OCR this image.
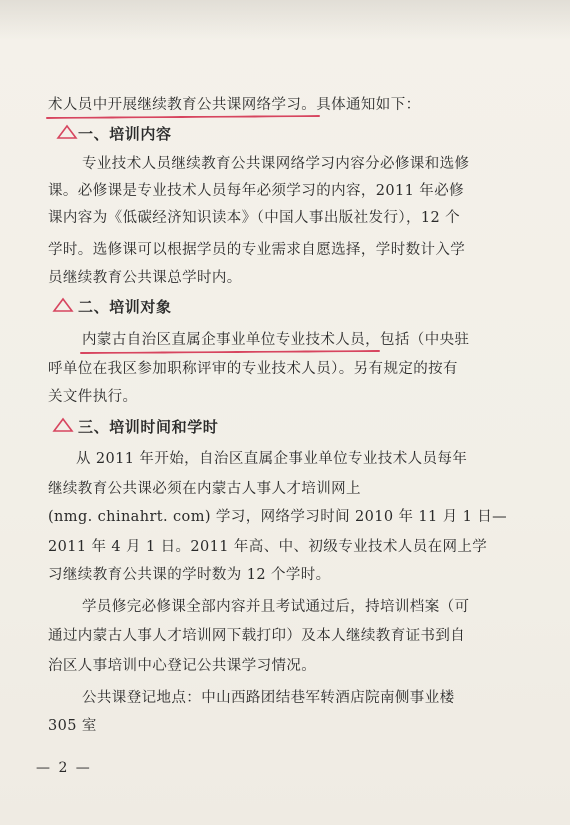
术人员中开展继续教育公共课网络学习。具体通知如下：
一、培训内容
专业技术人员继续教育公共课网络学习内容分必修课和选修
课。必修课是专业技术人员每年必须学习的内容，2011 年必修
课内容为《低碳经济知识读本》（中国人事出版社发行），12 个
学时。选修课可以根据学员的专业需求自愿选择，学时数计入学
员继续教育公共课总学时内。
二、培训对象
内蒙古自治区直属企事业单位专业技术人员，包括（中央驻
呼单位在我区参加职称评审的专业技术人员）。另有规定的按有
关文件执行。
三、培训时间和学时
从 2011 年开始，自治区直属企事业单位专业技术人员每年
继续教育公共课必须在内蒙古人事人才培训网上
(nmg. chinahrt. com) 学习，网络学习时间 2010 年 11 月 1 日—
2011 年 4 月 1 日。2011 年高、中、初级专业技术人员在网上学
习继续教育公共课的学时数为 12 个学时。
学员修完必修课全部内容并且考试通过后，持培训档案（可
通过内蒙古人事人才培训网下载打印）及本人继续教育证书到自
治区人事培训中心登记公共课学习情况。
公共课登记地点：中山西路团结巷军转酒店院南侧事业楼
305 室
— 2 —
